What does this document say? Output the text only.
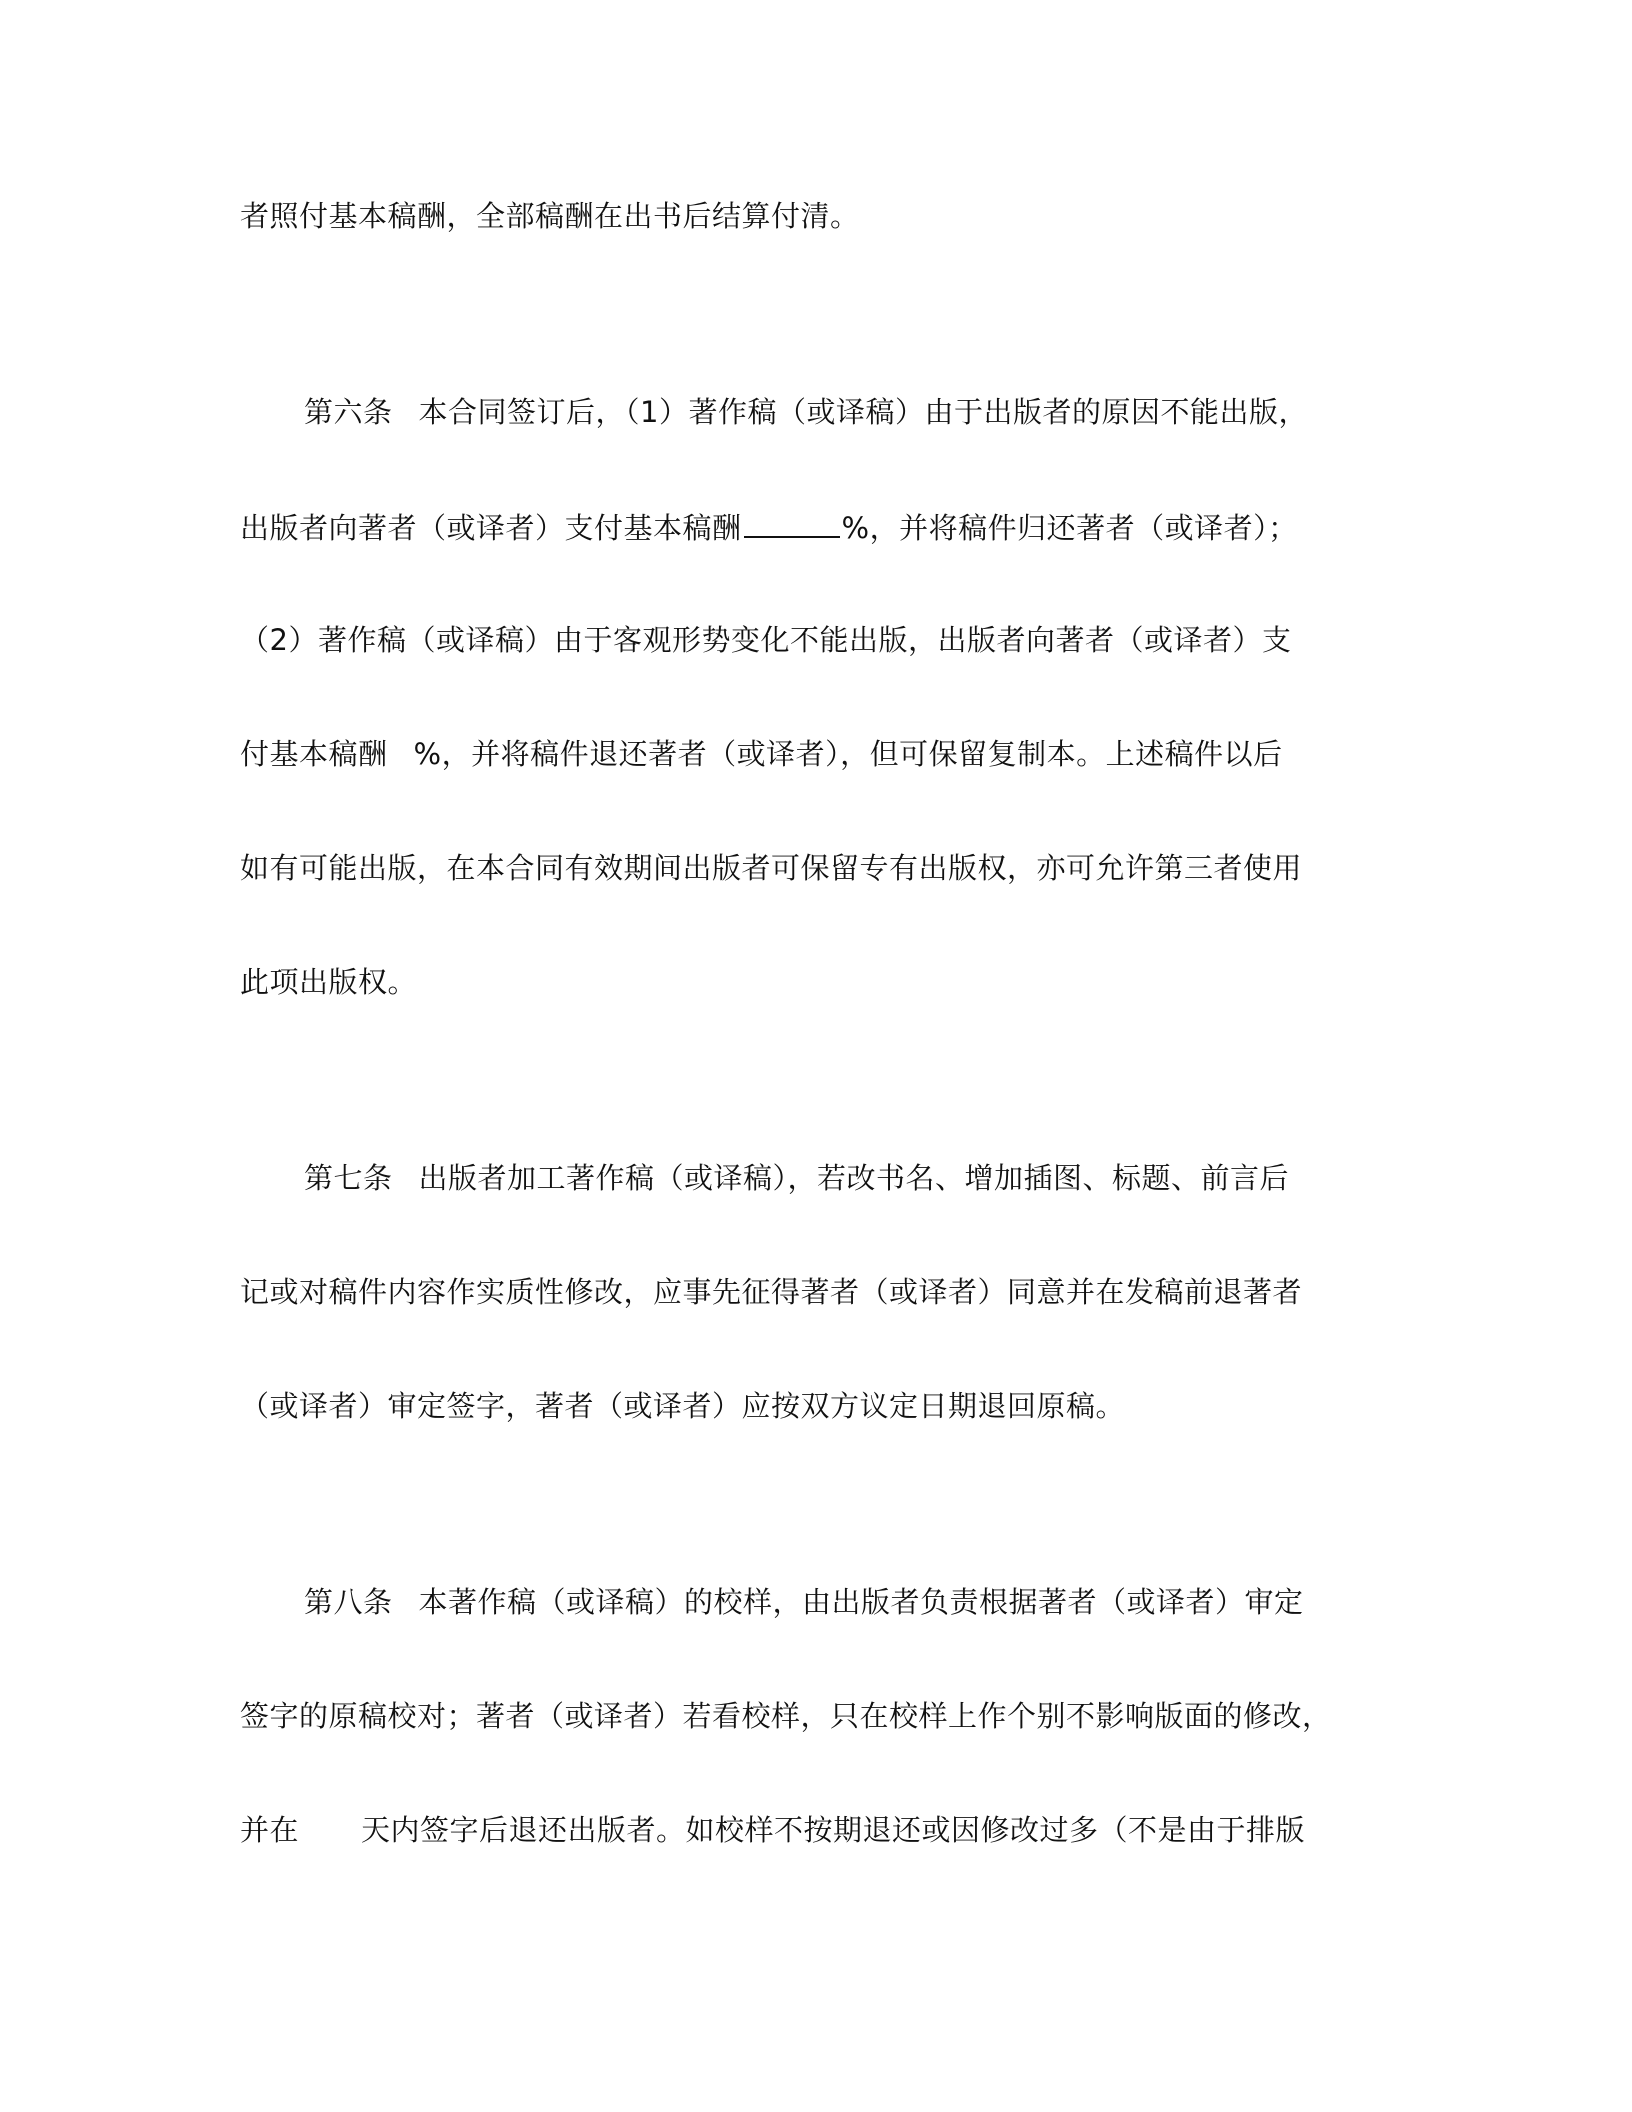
者照付基本稿酬，全部稿酬在出书后结算付清。
第六条 本合同签订后，（1）著作稿（或译稿）由于出版者的原因不能出版，
出版者向著者（或译者）支付基本稿酬	%，并将稿件归还著者（或译者）；
（2）著作稿（或译稿）由于客观形势变化不能出版，出版者向著者（或译者）支
付基本稿酬 %，并将稿件退还著者（或译者），但可保留复制本。上述稿件以后
如有可能出版，在本合同有效期间出版者可保留专有出版权，亦可允许第三者使用
此项出版权。
第七条 出版者加工著作稿（或译稿），若改书名、增加插图、标题、前言后
记或对稿件内容作实质性修改，应事先征得著者（或译者）同意并在发稿前退著者
（或译者）审定签字，著者（或译者）应按双方议定日期退回原稿。
第八条 本著作稿（或译稿）的校样，由出版者负责根据著者（或译者）审定
签字的原稿校对；著者（或译者）若看校样，只在校样上作个别不影响版面的修改，
并在 天内签字后退还出版者。如校样不按期退还或因修改过多（不是由于排版
